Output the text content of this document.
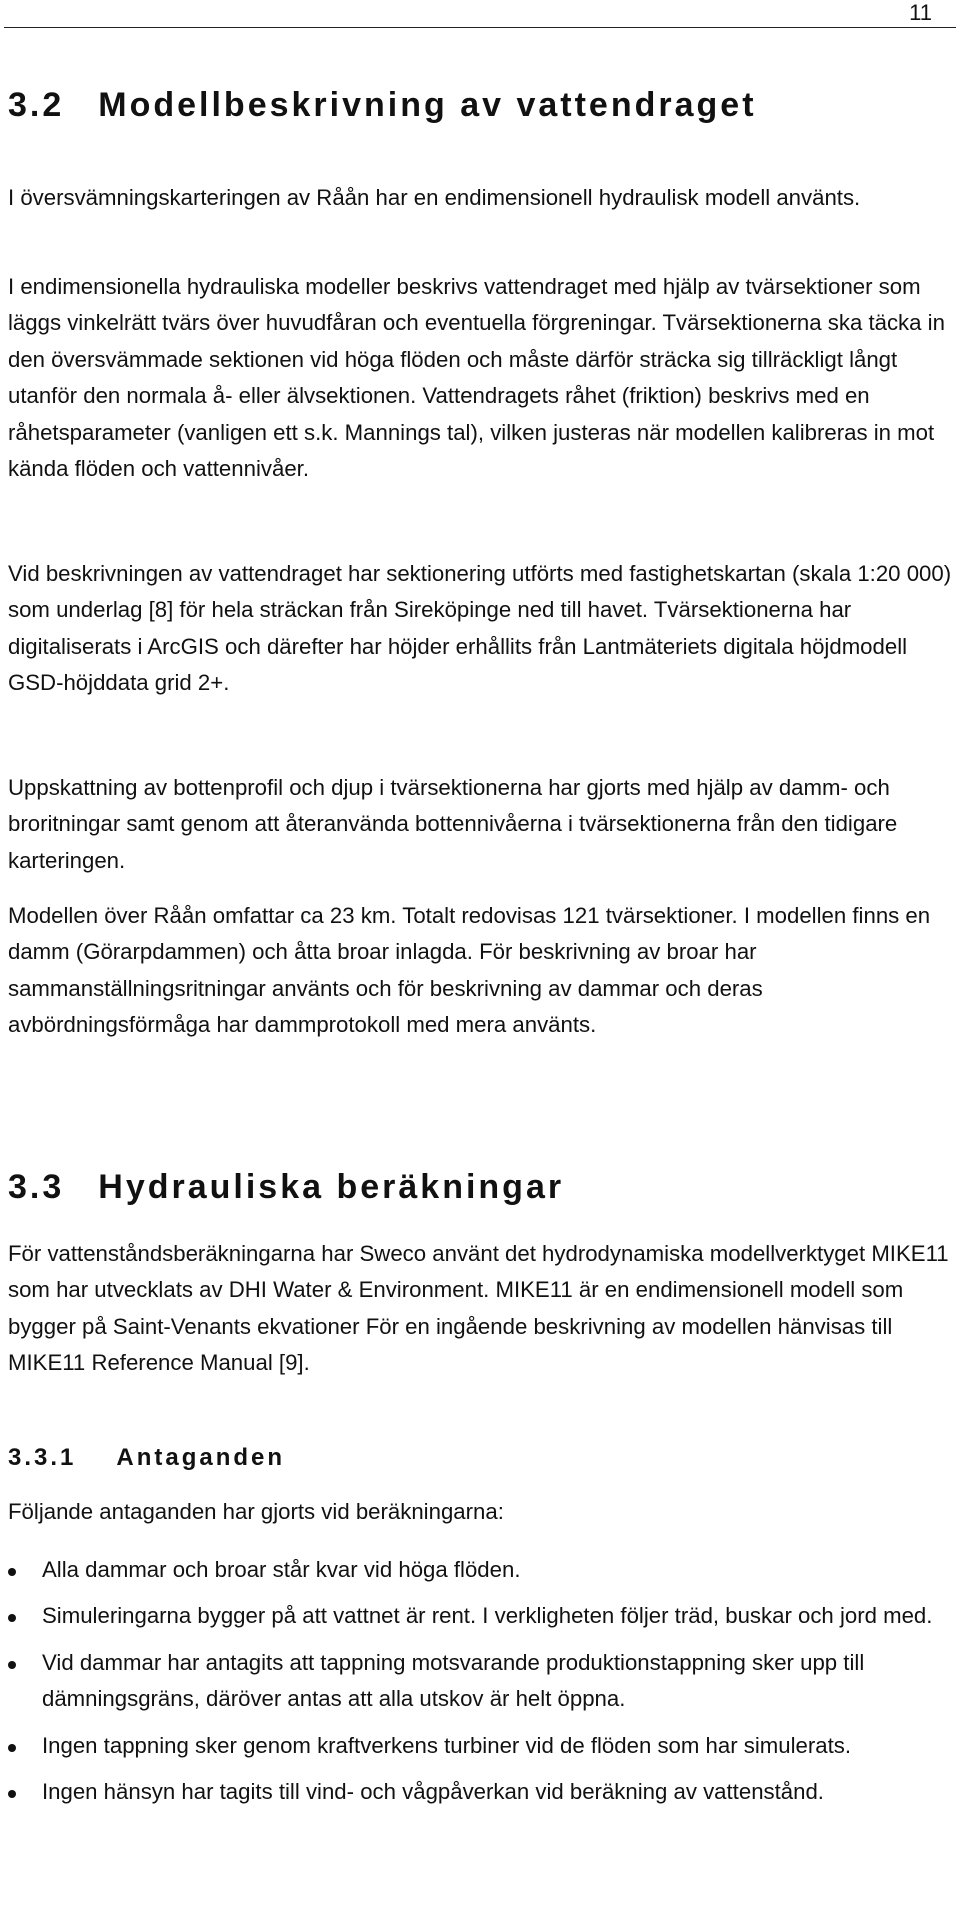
11
3.2 Modellbeskrivning av vattendraget

I översvämningskarteringen av Råån har en endimensionell hydraulisk modell använts.

I endimensionella hydrauliska modeller beskrivs vattendraget med hjälp av tvärsektioner som läggs vinkelrätt tvärs över huvudfåran och eventuella förgreningar. Tvärsektionerna ska täcka in den översvämmade sektionen vid höga flöden och måste därför sträcka sig tillräckligt långt utanför den normala å- eller älvsektionen. Vattendragets råhet (friktion) beskrivs med en råhetsparameter (vanligen ett s.k. Mannings tal), vilken justeras när modellen kalibreras in mot kända flöden och vattennivåer.

Vid beskrivningen av vattendraget har sektionering utförts med fastighetskartan (skala 1:20 000) som underlag [8] för hela sträckan från Sireköpinge ned till havet. Tvärsektionerna har digitaliserats i ArcGIS och därefter har höjder erhållits från Lantmäteriets digitala höjdmodell GSD-höjddata grid 2+.

Uppskattning av bottenprofil och djup i tvärsektionerna har gjorts med hjälp av damm- och broritningar samt genom att återanvända bottennivåerna i tvärsektionerna från den tidigare karteringen.

Modellen över Råån omfattar ca 23 km. Totalt redovisas 121 tvärsektioner. I modellen finns en damm (Görarpdammen) och åtta broar inlagda. För beskrivning av broar har sammanställningsritningar använts och för beskrivning av dammar och deras avbördningsförmåga har dammprotokoll med mera använts.

3.3 Hydrauliska beräkningar

För vattenståndsberäkningarna har Sweco använt det hydrodynamiska modellverktyget MIKE11 som har utvecklats av DHI Water & Environment. MIKE11 är en endimensionell modell som bygger på Saint-Venants ekvationer För en ingående beskrivning av modellen hänvisas till MIKE11 Reference Manual [9].

3.3.1 Antaganden

Följande antaganden har gjorts vid beräkningarna:

Alla dammar och broar står kvar vid höga flöden.
Simuleringarna bygger på att vattnet är rent. I verkligheten följer träd, buskar och jord med.
Vid dammar har antagits att tappning motsvarande produktionstappning sker upp till dämningsgräns, däröver antas att alla utskov är helt öppna.
Ingen tappning sker genom kraftverkens turbiner vid de flöden som har simulerats.
Ingen hänsyn har tagits till vind- och vågpåverkan vid beräkning av vattenstånd.
